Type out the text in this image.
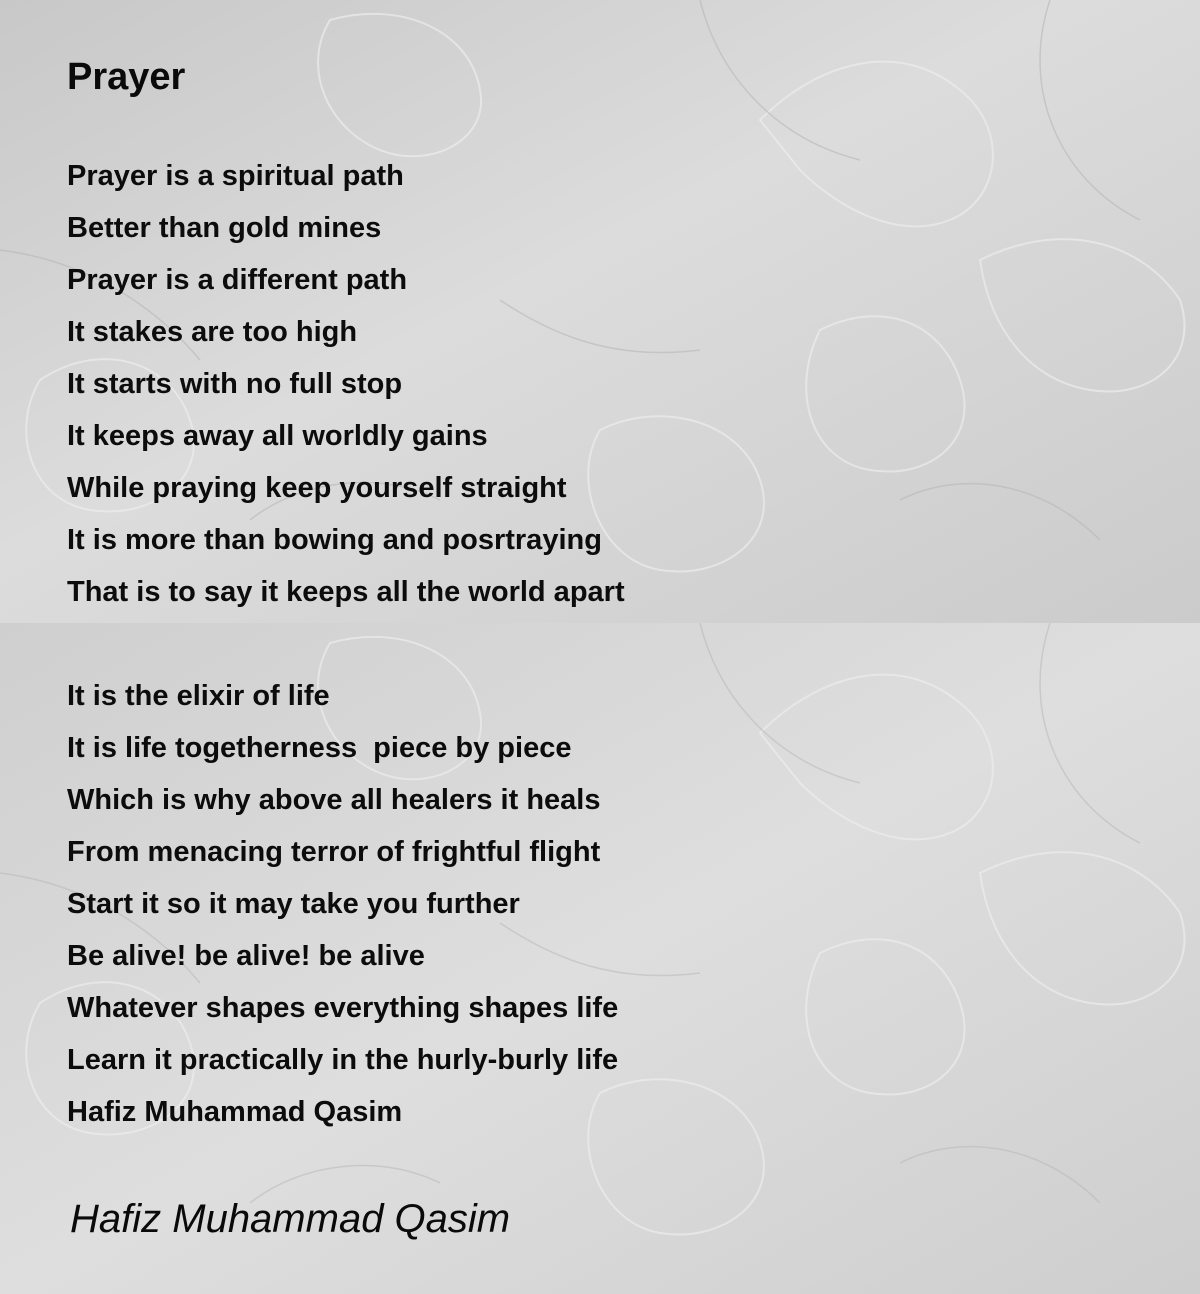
Prayer
Prayer is a spiritual path
Better than gold mines
Prayer is a different path
It stakes are too high
It starts with no full stop
It keeps away all worldly gains
While praying keep yourself straight
It is more than bowing and posrtraying
That is to say it keeps all the world apart
It is the elixir of life
It is life togetherness  piece by piece
Which is why above all healers it heals
From menacing terror of frightful flight
Start it so it may take you further
Be alive! be alive! be alive
Whatever shapes everything shapes life
Learn it practically in the hurly-burly life
Hafiz Muhammad Qasim
Hafiz Muhammad Qasim
